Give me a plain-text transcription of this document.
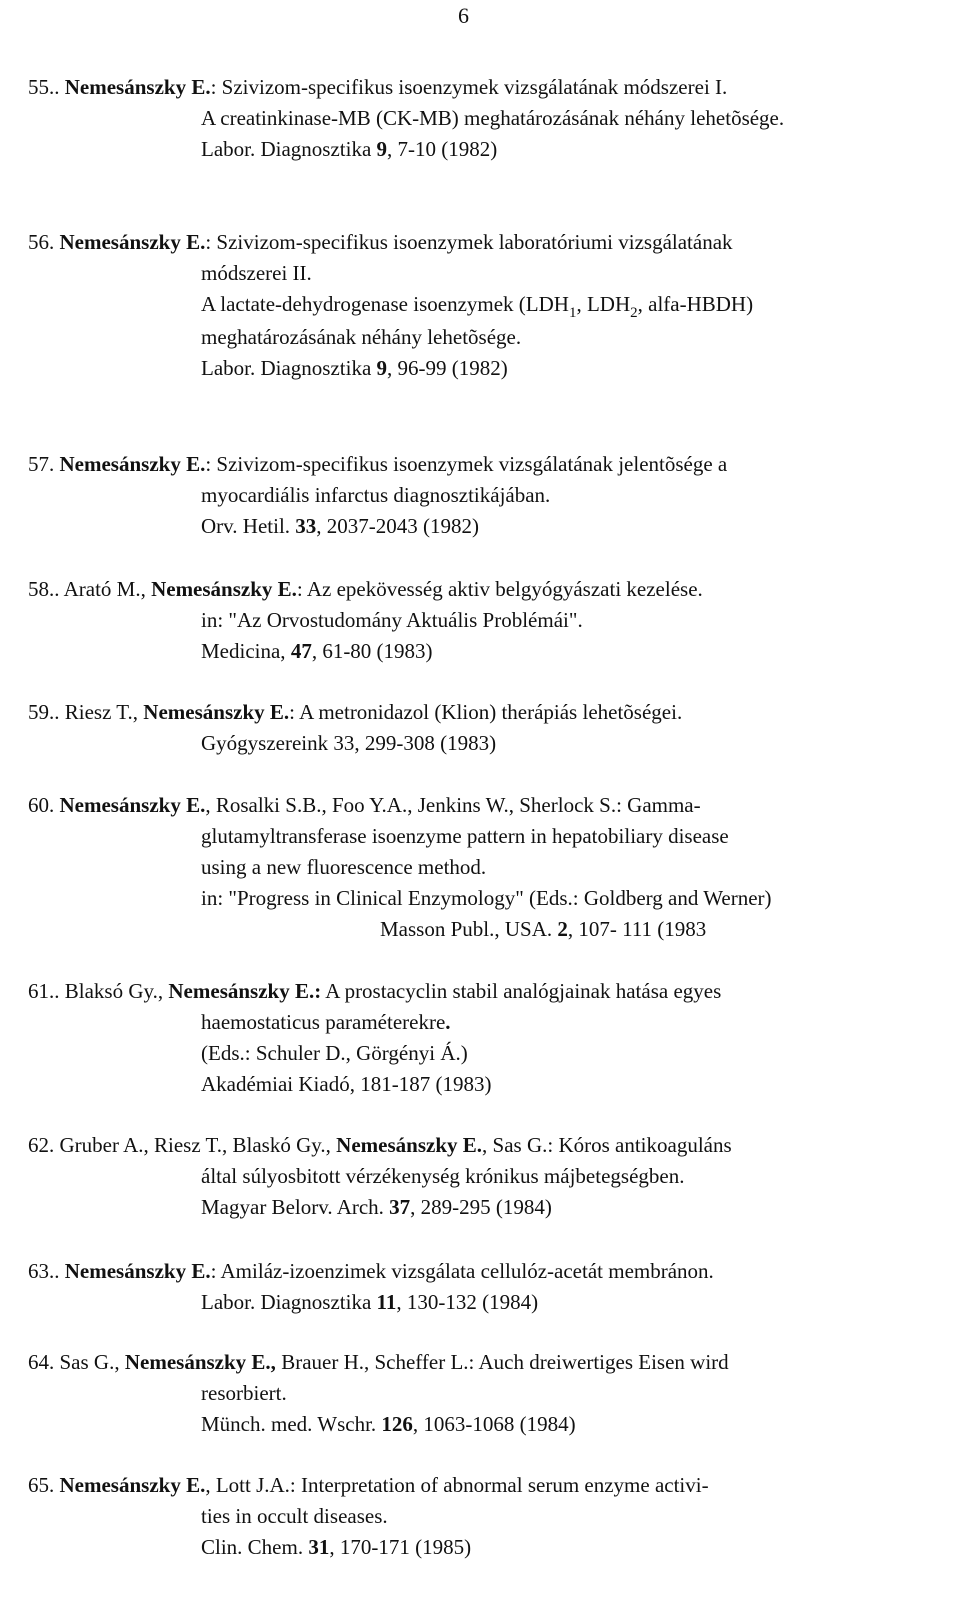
6
55.. Nemesánszky E.: Szivizom-specifikus isoenzymek vizsgálatának módszerei I.
A creatinkinase-MB (CK-MB) meghatározásának néhány lehetõsége.
Labor. Diagnosztika 9, 7-10 (1982)
56. Nemesánszky E.: Szivizom-specifikus isoenzymek laboratóriumi vizsgálatának
módszerei II.
A lactate-dehydrogenase isoenzymek ($LDH_1$, $LDH_2$, alfa-HBDH)
meghatározásának néhány lehetõsége.
Labor. Diagnosztika 9, 96-99 (1982)
57. Nemesánszky E.: Szivizom-specifikus isoenzymek vizsgálatának jelentõsége a
myocardiális infarctus diagnosztikájában.
Orv. Hetil. 33, 2037-2043 (1982)
58.. Arató M., Nemesánszky E.: Az epekövesség aktiv belgyógyászati kezelése.
in: "Az Orvostudomány Aktuális Problémái".
Medicina, 47, 61-80 (1983)
59.. Riesz T., Nemesánszky E.: A metronidazol (Klion) therápiás lehetõségei.
Gyógyszereink 33, 299-308 (1983)
60. Nemesánszky E., Rosalki S.B., Foo Y.A., Jenkins W., Sherlock S.: Gamma-
glutamyltransferase isoenzyme pattern in hepatobiliary disease
using a new fluorescence method.
in: "Progress in Clinical Enzymology" (Eds.: Goldberg and Werner)
Masson Publ., USA. 2, 107- 111 (1983
61.. Blaksó Gy., Nemesánszky E.: A prostacyclin stabil analógjainak hatása egyes
haemostaticus paraméterekre.
(Eds.: Schuler D., Görgényi Á.)
Akadémiai Kiadó, 181-187 (1983)
62. Gruber A., Riesz T., Blaskó Gy., Nemesánszky E., Sas G.: Kóros antikoaguláns
által súlyosbitott vérzékenység krónikus májbetegségben.
Magyar Belorv. Arch. 37, 289-295 (1984)
63.. Nemesánszky E.: Amiláz-izoenzimek vizsgálata cellulóz-acetát membránon.
Labor. Diagnosztika 11, 130-132 (1984)
64. Sas G., Nemesánszky E., Brauer H., Scheffer L.: Auch dreiwertiges Eisen wird
resorbiert.
Münch. med. Wschr. 126, 1063-1068 (1984)
65. Nemesánszky E., Lott J.A.: Interpretation of abnormal serum enzyme activi-
ties in occult diseases.
Clin. Chem. 31, 170-171 (1985)
